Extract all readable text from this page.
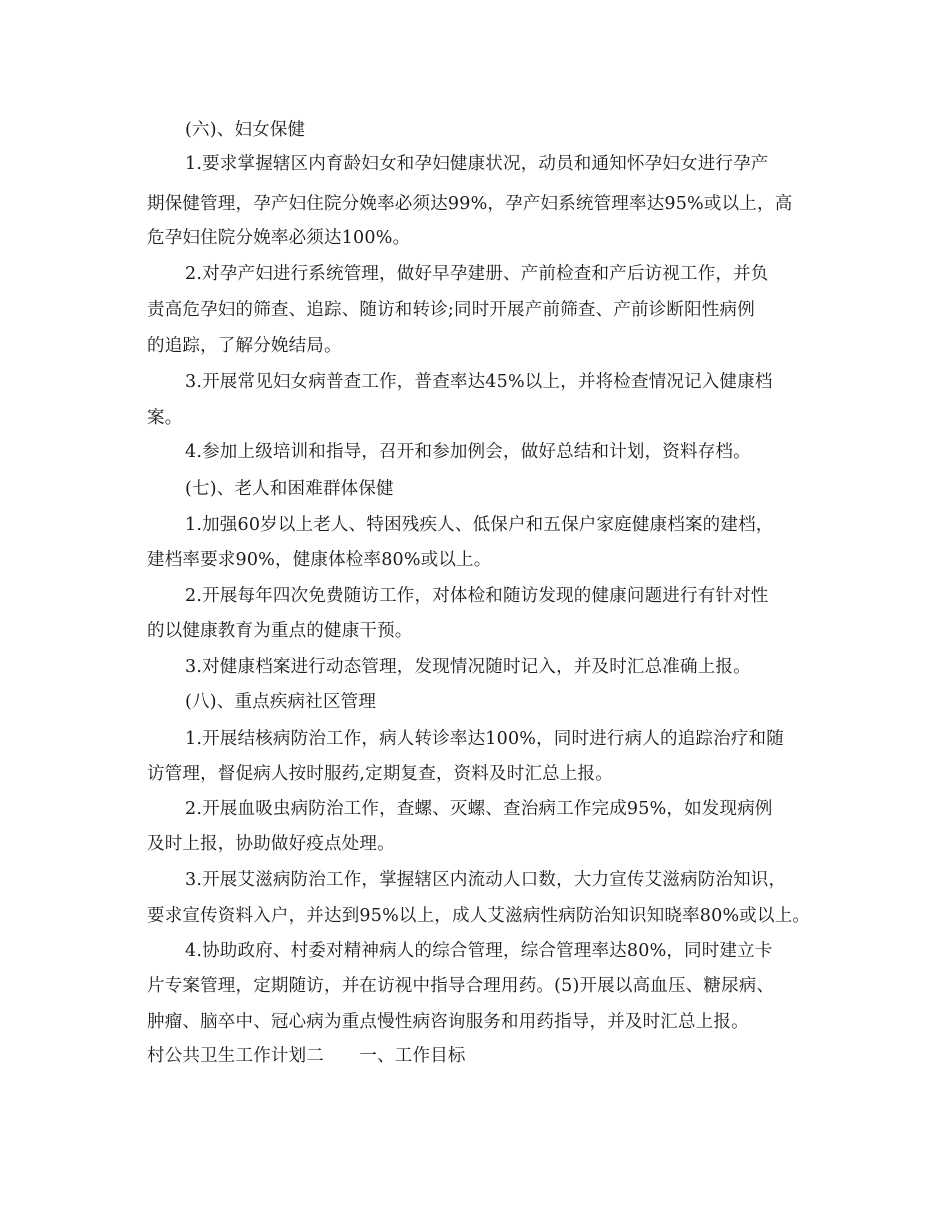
(六)、妇女保健
1.要求掌握辖区内育龄妇女和孕妇健康状况，动员和通知怀孕妇女进行孕产
期保健管理，孕产妇住院分娩率必须达99%，孕产妇系统管理率达95%或以上，高
危孕妇住院分娩率必须达100%。
2.对孕产妇进行系统管理，做好早孕建册、产前检查和产后访视工作，并负
责高危孕妇的筛查、追踪、随访和转诊;同时开展产前筛查、产前诊断阳性病例
的追踪，了解分娩结局。
3.开展常见妇女病普查工作，普查率达45%以上，并将检查情况记入健康档
案。
4.参加上级培训和指导，召开和参加例会，做好总结和计划，资料存档。
(七)、老人和困难群体保健
1.加强60岁以上老人、特困残疾人、低保户和五保户家庭健康档案的建档，
建档率要求90%，健康体检率80%或以上。
2.开展每年四次免费随访工作，对体检和随访发现的健康问题进行有针对性
的以健康教育为重点的健康干预。
3.对健康档案进行动态管理，发现情况随时记入，并及时汇总准确上报。
(八)、重点疾病社区管理
1.开展结核病防治工作，病人转诊率达100%，同时进行病人的追踪治疗和随
访管理，督促病人按时服药,定期复查，资料及时汇总上报。
2.开展血吸虫病防治工作，查螺、灭螺、查治病工作完成95%，如发现病例
及时上报，协助做好疫点处理。
3.开展艾滋病防治工作，掌握辖区内流动人口数，大力宣传艾滋病防治知识，
要求宣传资料入户，并达到95%以上，成人艾滋病性病防治知识知晓率80%或以上。
4.协助政府、村委对精神病人的综合管理，综合管理率达80%，同时建立卡
片专案管理，定期随访，并在访视中指导合理用药。(5)开展以高血压、糖尿病、
肿瘤、脑卒中、冠心病为重点慢性病咨询服务和用药指导，并及时汇总上报。
村公共卫生工作计划二　　一、工作目标
